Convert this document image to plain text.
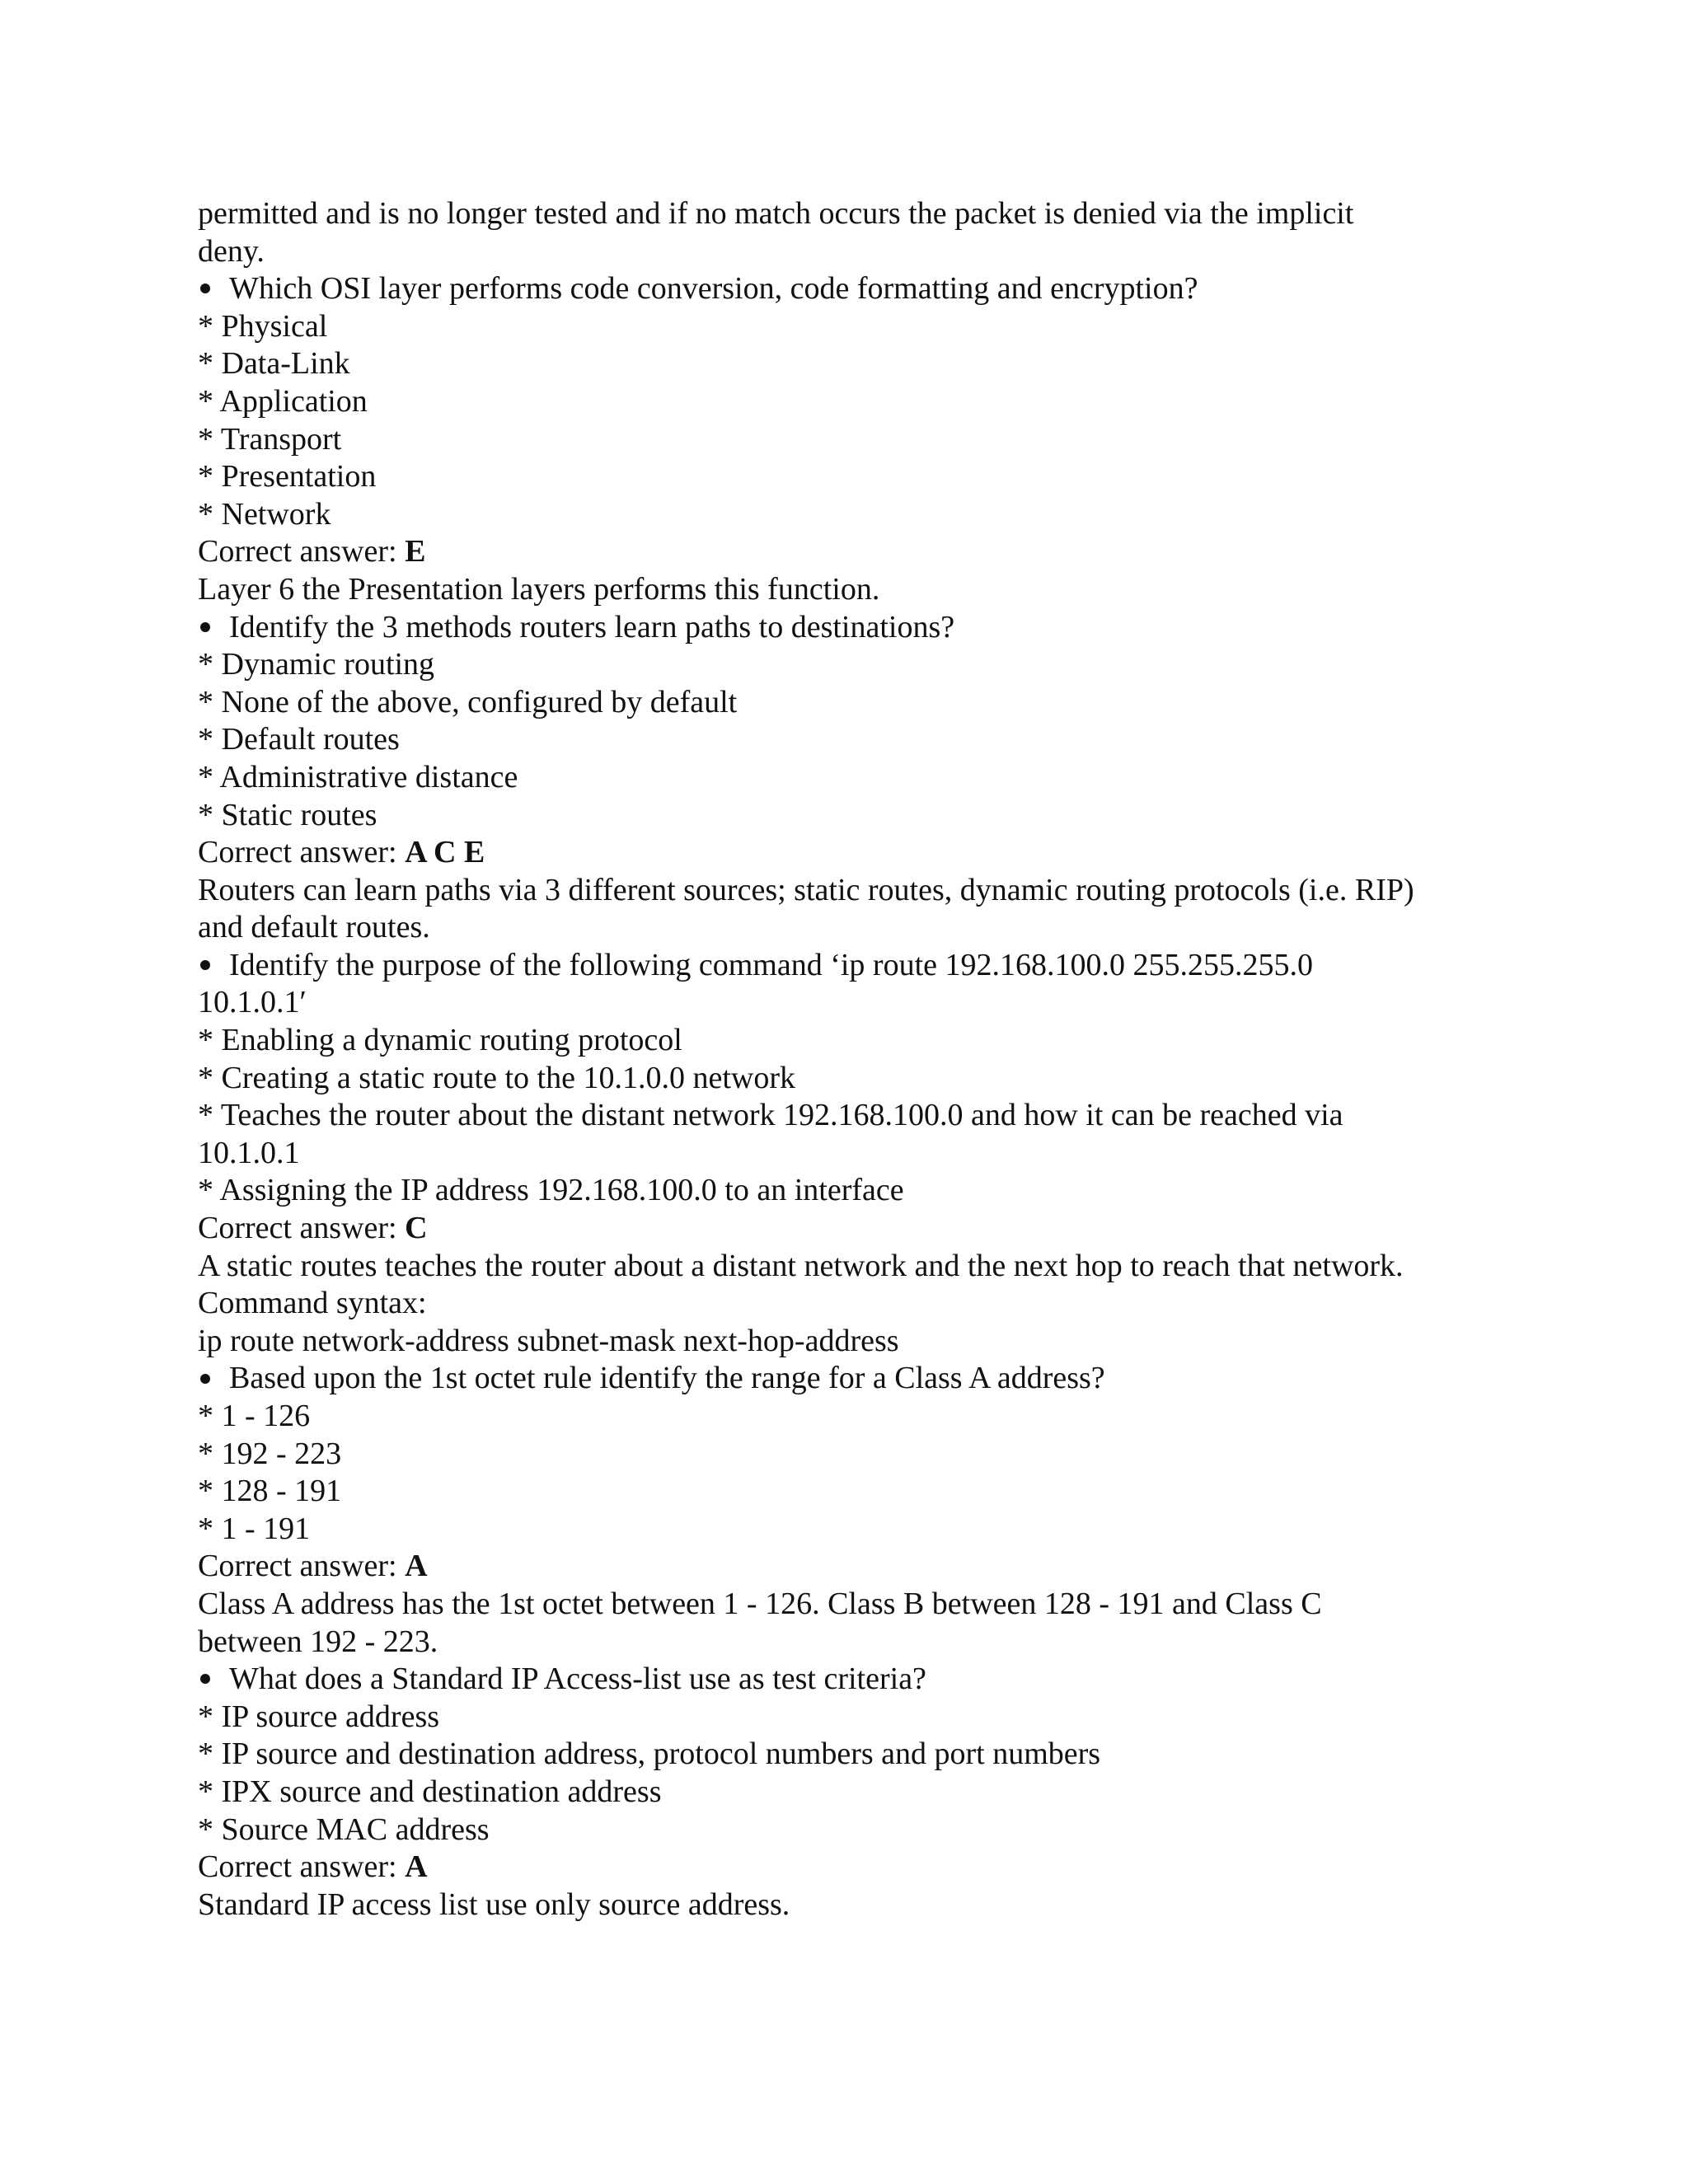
permitted and is no longer tested and if no match occurs the packet is denied via the implicit
deny.
Which OSI layer performs code conversion, code formatting and encryption?
* Physical
* Data-Link
* Application
* Transport
* Presentation
* Network
Correct answer: E
Layer 6 the Presentation layers performs this function.
Identify the 3 methods routers learn paths to destinations?
* Dynamic routing
* None of the above, configured by default
* Default routes
* Administrative distance
* Static routes
Correct answer: A C E
Routers can learn paths via 3 different sources; static routes, dynamic routing protocols (i.e. RIP)
and default routes.
Identify the purpose of the following command ‘ip route 192.168.100.0 255.255.255.0
10.1.0.1′
* Enabling a dynamic routing protocol
* Creating a static route to the 10.1.0.0 network
* Teaches the router about the distant network 192.168.100.0 and how it can be reached via
10.1.0.1
* Assigning the IP address 192.168.100.0 to an interface
Correct answer: C
A static routes teaches the router about a distant network and the next hop to reach that network.
Command syntax:
ip route network-address subnet-mask next-hop-address
Based upon the 1st octet rule identify the range for a Class A address?
* 1 - 126
* 192 - 223
* 128 - 191
* 1 - 191
Correct answer: A
Class A address has the 1st octet between 1 - 126. Class B between 128 - 191 and Class C
between 192 - 223.
What does a Standard IP Access-list use as test criteria?
* IP source address
* IP source and destination address, protocol numbers and port numbers
* IPX source and destination address
* Source MAC address
Correct answer: A
Standard IP access list use only source address.
